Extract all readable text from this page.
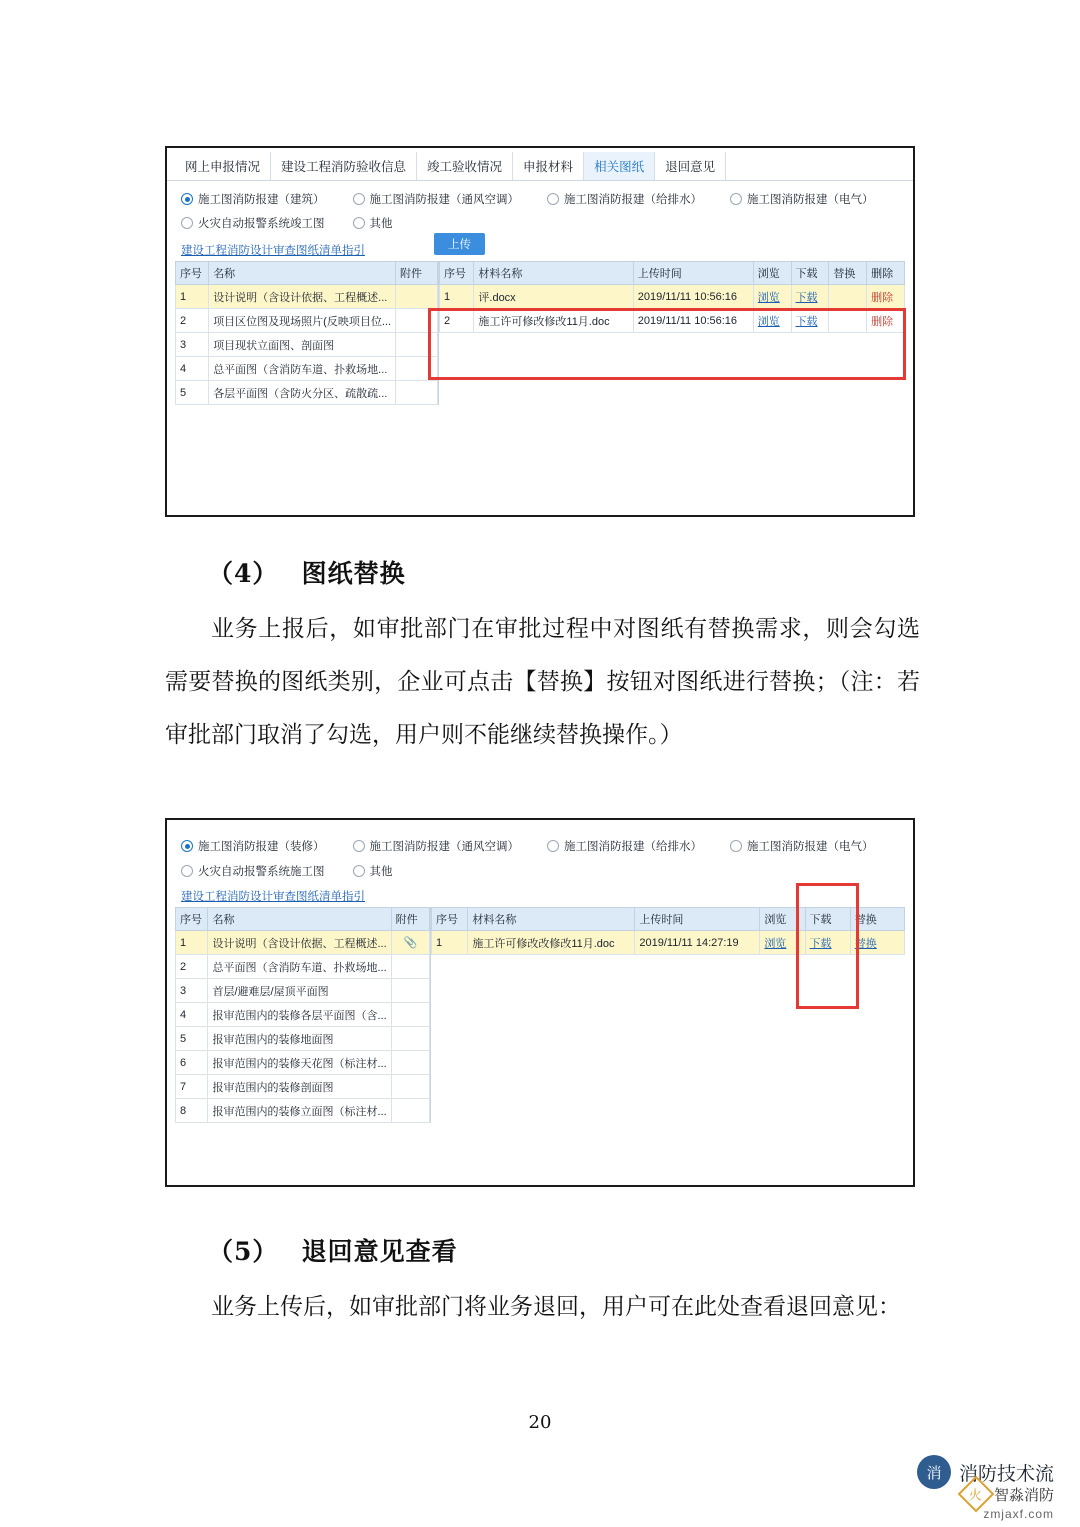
网上申报情况	建设工程消防验收信息	竣工验收情况	申报材料	相关图纸	退回意见
施工图消防报建（建筑）	施工图消防报建（通风空调）	施工图消防报建（给排水）	施工图消防报建（电气）
火灾自动报警系统竣工图	其他
建设工程消防设计审查图纸清单指引	上传
序号	名称	附件
1	设计说明（含设计依据、工程概述...	
2	项目区位图及现场照片(反映项目位...	
3	项目现状立面图、剖面图	
4	总平面图（含消防车道、扑救场地...	
5	各层平面图（含防火分区、疏散疏...	
序号	材料名称	上传时间	浏览	下载	替换	删除
1	评.docx	2019/11/11 10:56:16	浏览	下载		删除
2	施工许可修改修改11月.doc	2019/11/11 10:56:16	浏览	下载		删除
（4）　 图纸替换

业务上报后，如审批部门在审批过程中对图纸有替换需求，则会勾选需要替换的图纸类别，企业可点击【替换】按钮对图纸进行替换；（注：若审批部门取消了勾选，用户则不能继续替换操作。）

施工图消防报建（装修）	施工图消防报建（通风空调）	施工图消防报建（给排水）	施工图消防报建（电气）
火灾自动报警系统施工图	其他
建设工程消防设计审查图纸清单指引
序号	名称	附件
1	设计说明（含设计依据、工程概述...	📎
2	总平面图（含消防车道、扑救场地...	
3	首层/避难层/屋顶平面图	
4	报审范围内的装修各层平面图（含...	
5	报审范围内的装修地面图	
6	报审范围内的装修天花图（标注材...	
7	报审范围内的装修剖面图	
8	报审范围内的装修立面图（标注材...	
序号	材料名称	上传时间	浏览	下载	替换
1	施工许可修改改修改11月.doc	2019/11/11 14:27:19	浏览	下载	替换
（5）　 退回意见查看

业务上传后，如审批部门将业务退回，用户可在此处查看退回意见：

20
消 消防技术流
火 智淼消防
zmjaxf.com
